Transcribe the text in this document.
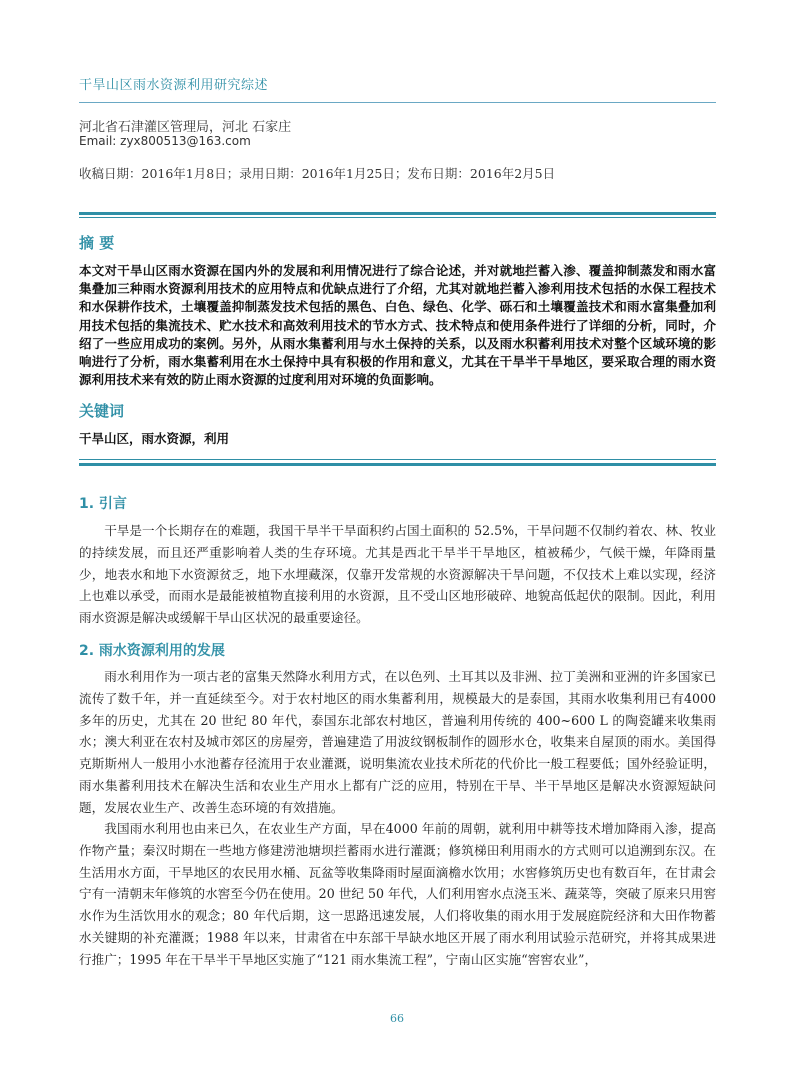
干旱山区雨水资源利用研究综述
河北省石津灌区管理局，河北 石家庄
Email: zyx800513@163.com
收稿日期：2016年1月8日；录用日期：2016年1月25日；发布日期：2016年2月5日
摘 要
本文对干旱山区雨水资源在国内外的发展和利用情况进行了综合论述，并对就地拦蓄入渗、覆盖抑制蒸发和雨水富集叠加三种雨水资源利用技术的应用特点和优缺点进行了介绍，尤其对就地拦蓄入渗利用技术包括的水保工程技术和水保耕作技术，土壤覆盖抑制蒸发技术包括的黑色、白色、绿色、化学、砾石和土壤覆盖技术和雨水富集叠加利用技术包括的集流技术、贮水技术和高效利用技术的节水方式、技术特点和使用条件进行了详细的分析，同时，介绍了一些应用成功的案例。另外，从雨水集蓄利用与水土保持的关系，以及雨水积蓄利用技术对整个区域环境的影响进行了分析，雨水集蓄利用在水土保持中具有积极的作用和意义，尤其在干旱半干旱地区，要采取合理的雨水资源利用技术来有效的防止雨水资源的过度利用对环境的负面影响。
关键词
干旱山区，雨水资源，利用
1. 引言

干旱是一个长期存在的难题，我国干旱半干旱面积约占国土面积的 52.5%，干旱问题不仅制约着农、林、牧业的持续发展，而且还严重影响着人类的生存环境。尤其是西北干旱半干旱地区，植被稀少，气候干燥，年降雨量少，地表水和地下水资源贫乏，地下水埋藏深，仅靠开发常规的水资源解决干旱问题，不仅技术上难以实现，经济上也难以承受，而雨水是最能被植物直接利用的水资源，且不受山区地形破碎、地貌高低起伏的限制。因此，利用雨水资源是解决或缓解干旱山区状况的最重要途径。

2. 雨水资源利用的发展

雨水利用作为一项古老的富集天然降水利用方式，在以色列、土耳其以及非洲、拉丁美洲和亚洲的许多国家已流传了数千年，并一直延续至今。对于农村地区的雨水集蓄利用，规模最大的是泰国，其雨水收集利用已有4000 多年的历史，尤其在 20 世纪 80 年代，泰国东北部农村地区，普遍利用传统的 400~600 L 的陶瓷罐来收集雨水；澳大利亚在农村及城市郊区的房屋旁，普遍建造了用波纹钢板制作的圆形水仓，收集来自屋顶的雨水。美国得克斯斯州人一般用小水池蓄存径流用于农业灌溉，说明集流农业技术所花的代价比一般工程要低；国外经验证明，雨水集蓄利用技术在解决生活和农业生产用水上都有广泛的应用，特别在干旱、半干旱地区是解决水资源短缺问题，发展农业生产、改善生态环境的有效措施。

我国雨水利用也由来已久，在农业生产方面，早在4000 年前的周朝，就利用中耕等技术增加降雨入渗，提高作物产量；秦汉时期在一些地方修建涝池塘坝拦蓄雨水进行灌溉；修筑梯田利用雨水的方式则可以追溯到东汉。在生活用水方面，干旱地区的农民用水桶、瓦盆等收集降雨时屋面滴檐水饮用；水窖修筑历史也有数百年，在甘肃会宁有一清朝末年修筑的水窖至今仍在使用。20 世纪 50 年代，人们利用窖水点浇玉米、蔬菜等，突破了原来只用窖水作为生活饮用水的观念；80 年代后期，这一思路迅速发展，人们将收集的雨水用于发展庭院经济和大田作物蓄水关键期的补充灌溉；1988 年以来，甘肃省在中东部干旱缺水地区开展了雨水利用试验示范研究，并将其成果进行推广；1995 年在干旱半干旱地区实施了“121 雨水集流工程”，宁南山区实施“窖窖农业”，

66
